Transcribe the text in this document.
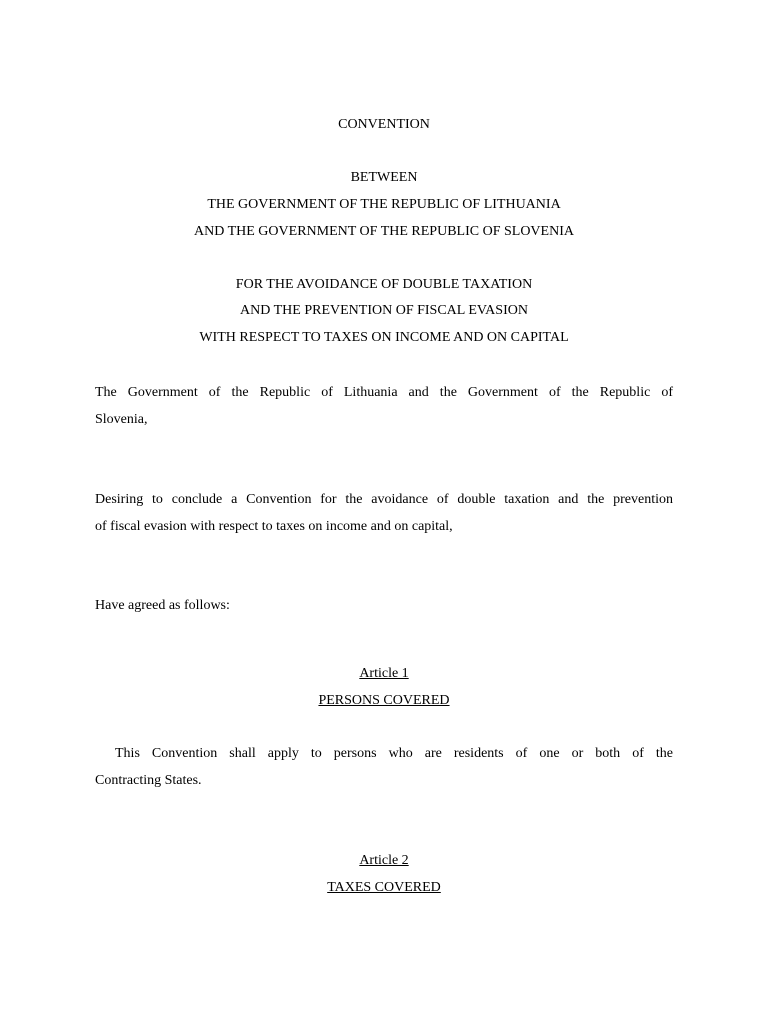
CONVENTION
BETWEEN
THE GOVERNMENT OF THE REPUBLIC OF LITHUANIA
AND THE GOVERNMENT OF THE REPUBLIC OF SLOVENIA
FOR THE AVOIDANCE OF DOUBLE TAXATION
AND THE PREVENTION OF FISCAL EVASION
WITH RESPECT TO TAXES ON INCOME AND ON CAPITAL
The Government of the Republic of Lithuania and the Government of the Republic of
Slovenia,
Desiring to conclude a Convention for the avoidance of double taxation and the prevention
of fiscal evasion with respect to taxes on income and on capital,
Have agreed as follows:
Article 1
PERSONS COVERED
This Convention shall apply to persons who are residents of one or both of the
Contracting States.
Article 2
TAXES COVERED
